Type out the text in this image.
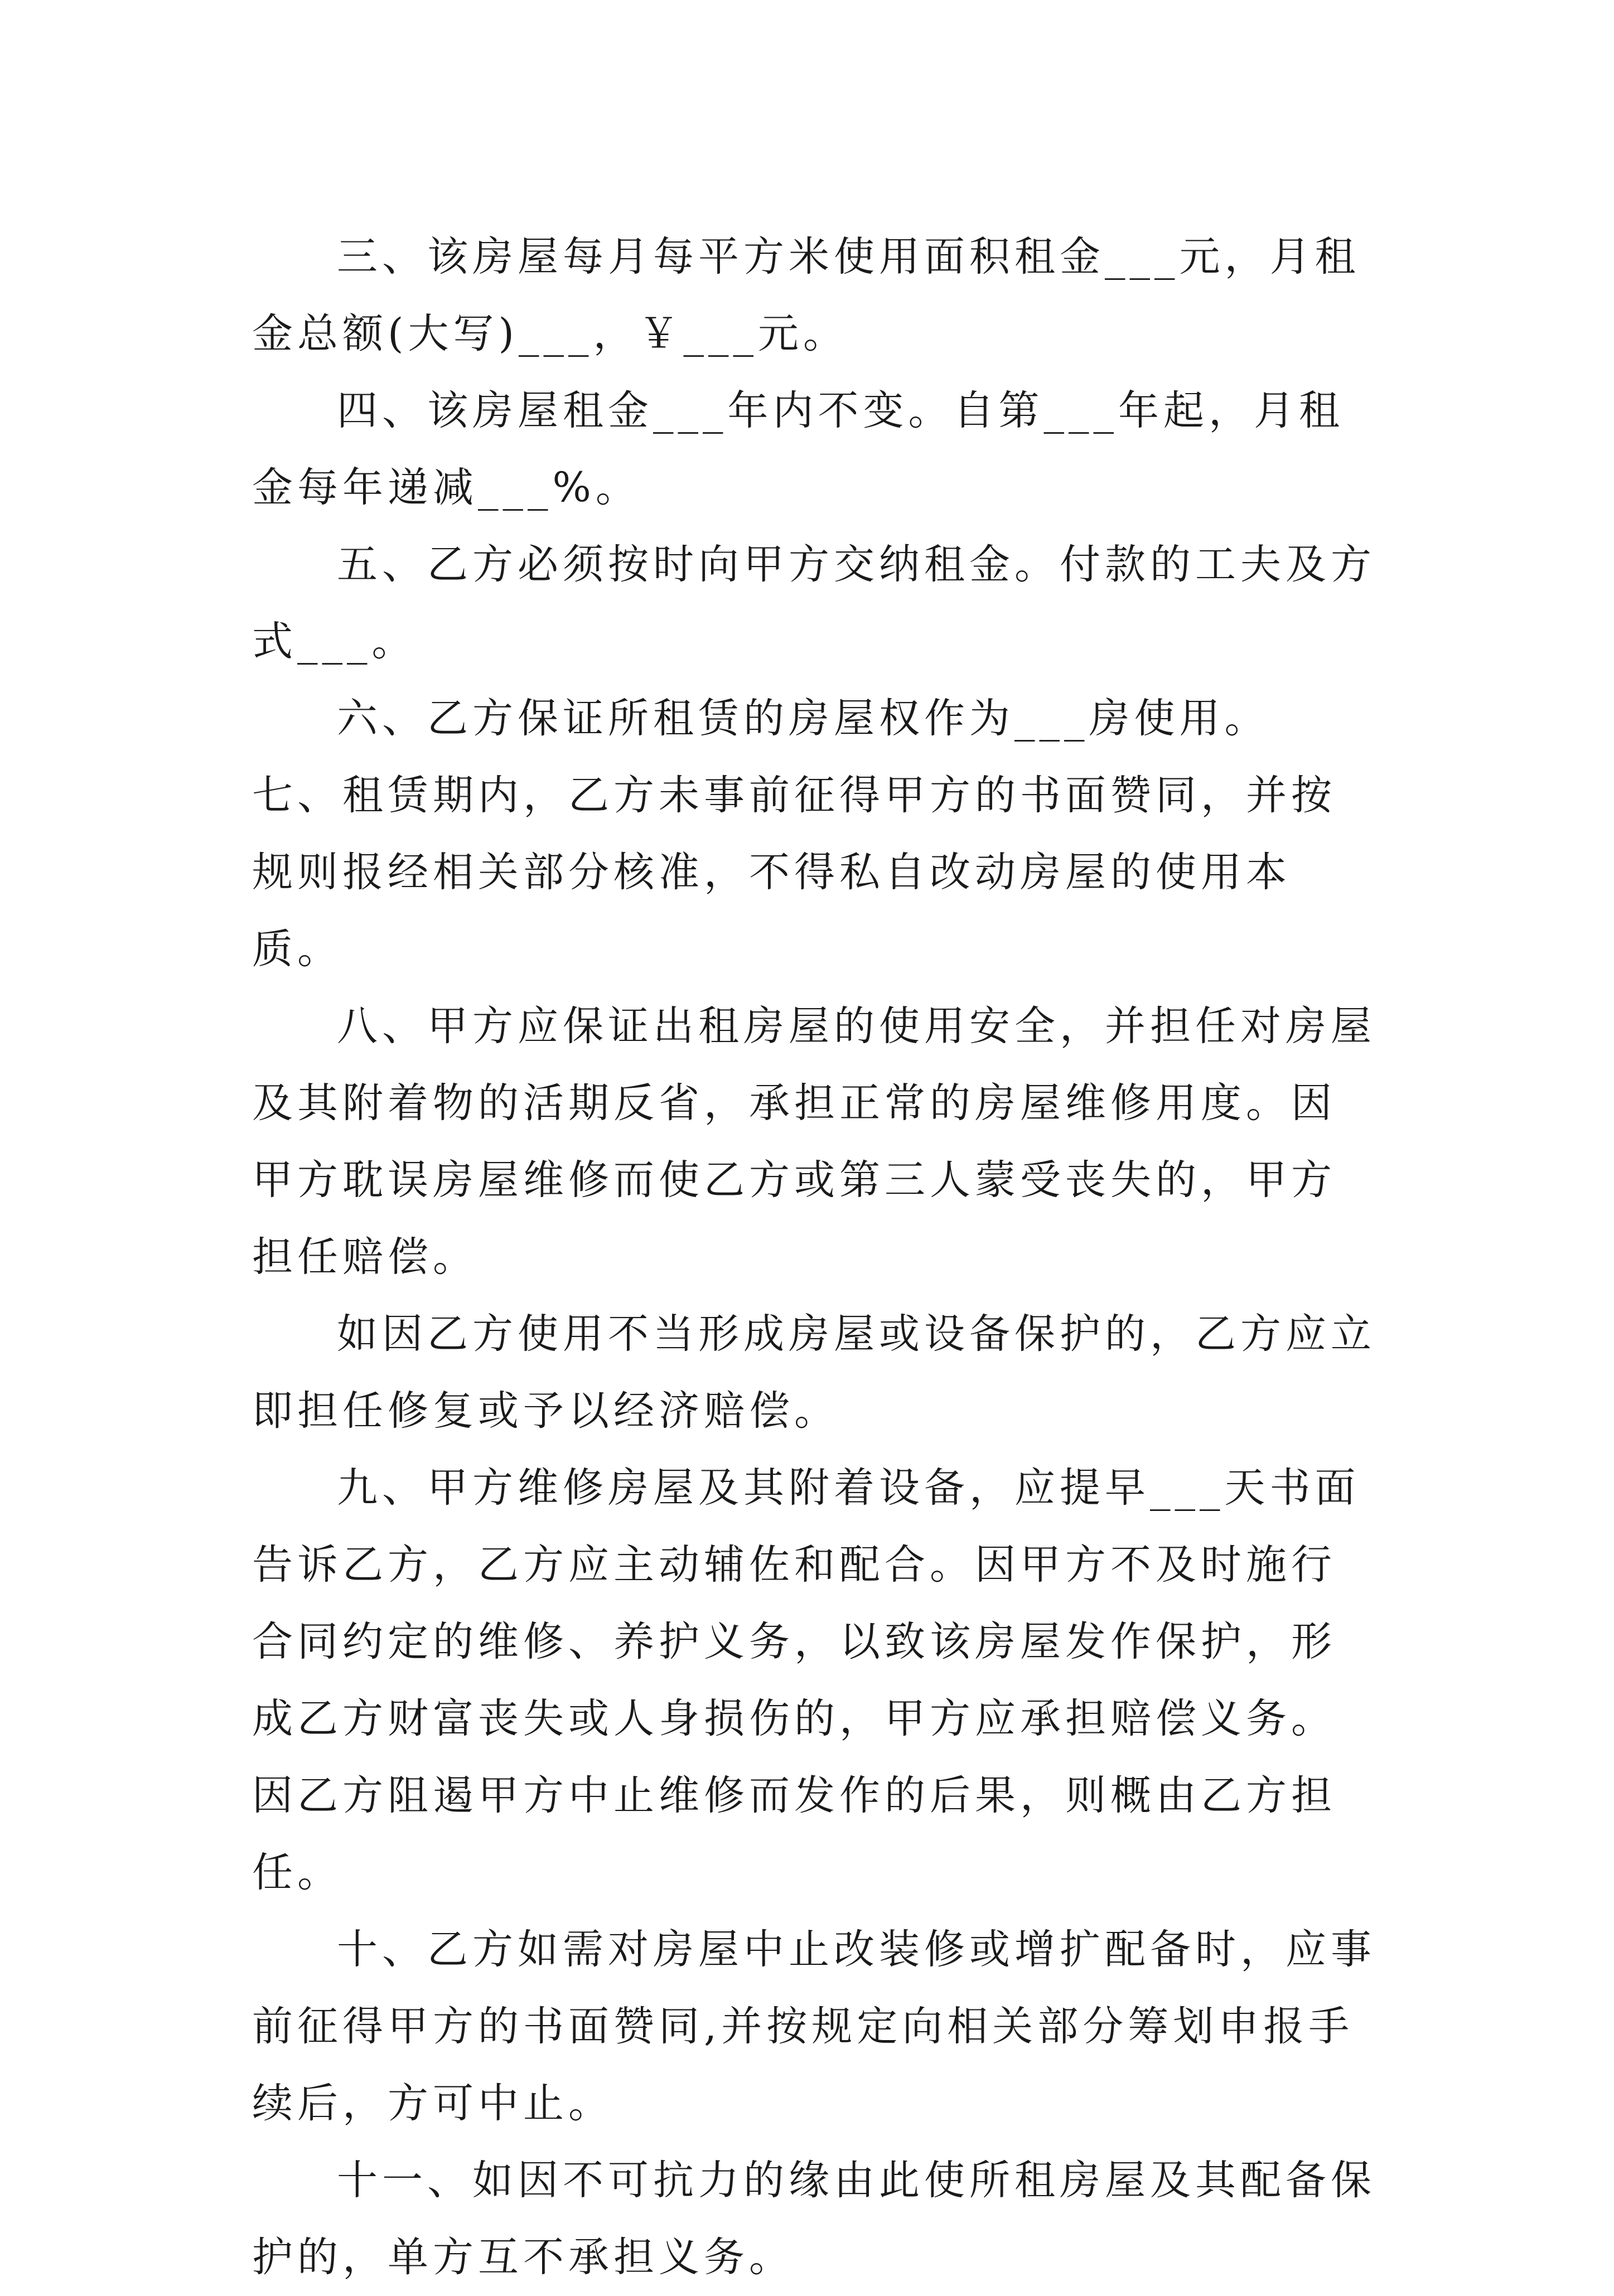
三、该房屋每月每平方米使用面积租金___元，月租金总额(大写)___，￥___元。

四、该房屋租金___年内不变。自第___年起，月租金每年递减___%。

五、乙方必须按时向甲方交纳租金。付款的工夫及方式___。

六、乙方保证所租赁的房屋权作为___房使用。 七、租赁期内，乙方未事前征得甲方的书面赞同，并按规则报经相关部分核准，不得私自改动房屋的使用本质。

八、甲方应保证出租房屋的使用安全，并担任对房屋及其附着物的活期反省，承担正常的房屋维修用度。因甲方耽误房屋维修而使乙方或第三人蒙受丧失的，甲方担任赔偿。

如因乙方使用不当形成房屋或设备保护的，乙方应立即担任修复或予以经济赔偿。

九、甲方维修房屋及其附着设备，应提早___天书面告诉乙方，乙方应主动辅佐和配合。因甲方不及时施行合同约定的维修、养护义务，以致该房屋发作保护，形成乙方财富丧失或人身损伤的，甲方应承担赔偿义务。因乙方阻遏甲方中止维修而发作的后果，则概由乙方担任。

十、乙方如需对房屋中止改装修或增扩配备时，应事前征得甲方的书面赞同,并按规定向相关部分筹划申报手续后，方可中止。

十一、如因不可抗力的缘由此使所租房屋及其配备保护的，单方互不承担义务。
